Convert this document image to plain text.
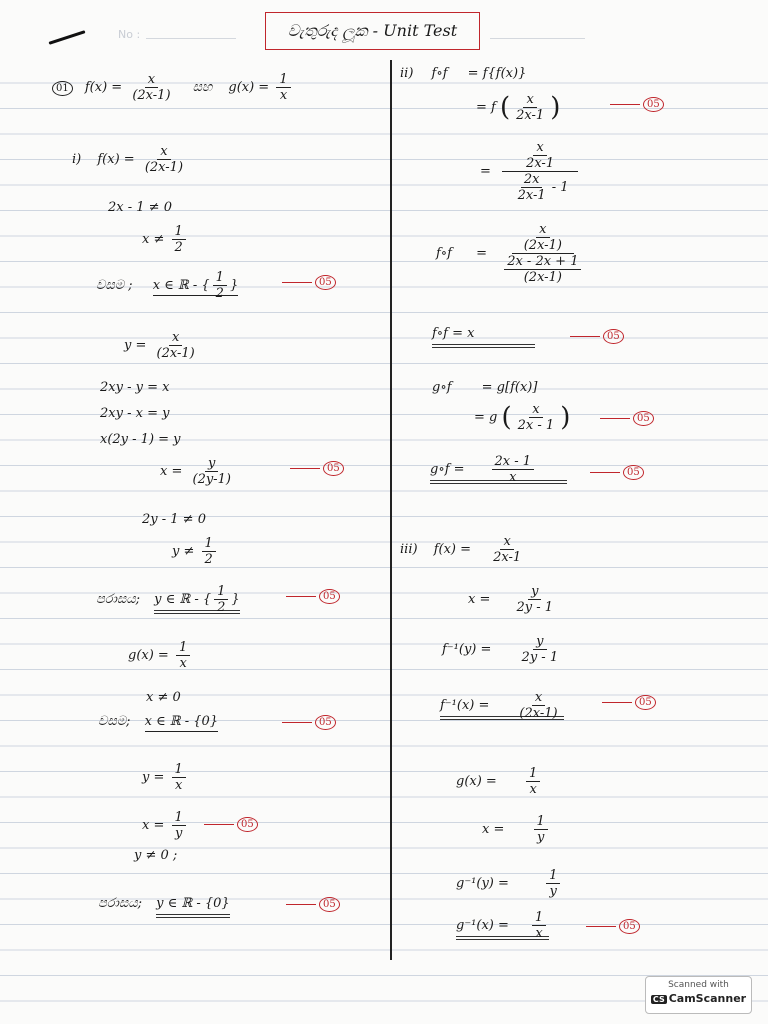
No :	වැතුරුද ලූක - Unit Test
01 $f(x) = \frac{x}{(2x-1)}$ සහ $g(x) = \frac{1}{x}$
i) $f(x) = \frac{x}{(2x-1)}$
2x - 1 ≠ 0
$x \ne \frac{1}{2}$
වසම ; x ∈ ℝ - { $\frac{1}{2}$ }	05
$y = \frac{x}{(2x-1)}$
2xy - y = x
2xy - x = y
x(2y - 1) = y
$x = \frac{y}{(2y-1)}$	05
2y - 1 ≠ 0
$y \ne \frac{1}{2}$
පරාසය; y ∈ ℝ - { $\frac{1}{2}$ }	05
$g(x) = \frac{1}{x}$
x ≠ 0
වසම; x ∈ ℝ - {0}	05
$y = \frac{1}{x}$
$x = \frac{1}{y}$	05
y ≠ 0 ;
පරාසය; y ∈ ℝ - {0}	05
ii) f∘f = f{f(x)}
= f ( $\frac{x}{2x-1}$ )	05
= $\frac{\frac{x}{2x-1}}{\frac{2x}{2x-1} - 1}$
f∘f = $\frac{\frac{x}{(2x-1)}}{\frac{2x - 2x + 1}{(2x-1)}}$
f∘f = x	05
g∘f = g[f(x)]
= g ( $\frac{x}{2x - 1}$ )	05
g∘f = $\frac{2x - 1}{x}$	05
iii) $f(x) = \frac{x}{2x-1}$
$x = \frac{y}{2y - 1}$
$f^{-1}(y) = \frac{y}{2y - 1}$
$f^{-1}(x) = \frac{x}{(2x-1)}$	05
$g(x) = \frac{1}{x}$
$x = \frac{1}{y}$
g⁻¹(y) =	$\frac{1}{y}$
$g^{-1}(x) = \frac{1}{x}$	05
Scanned with
CS CamScanner
